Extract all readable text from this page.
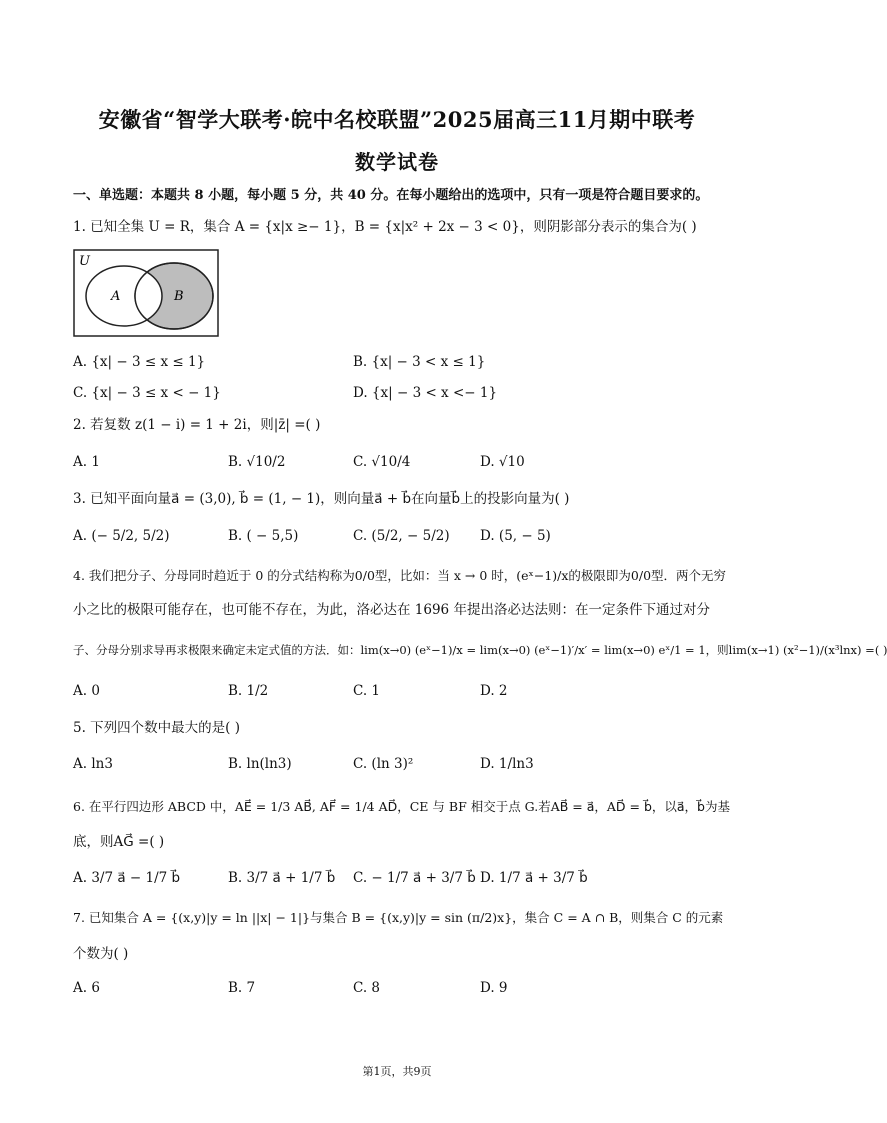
安徽省“智学大联考·皖中名校联盟”2025届高三11月期中联考
数学试卷
一、单选题：本题共 8 小题，每小题 5 分，共 40 分。在每小题给出的选项中，只有一项是符合题目要求的。
1. 已知全集 U = R，集合 A = {x|x ≥− 1}，B = {x|x² + 2x − 3 < 0}，则阴影部分表示的集合为( )
U
A	B
A. {x| − 3 ≤ x ≤ 1}	B. {x| − 3 < x ≤ 1}
C. {x| − 3 ≤ x < − 1}	D. {x| − 3 < x <− 1}
2. 若复数 z(1 − i) = 1 + 2i，则|z̄| =( )
A. 1	B. √10/2	C. √10/4	D. √10
3. 已知平面向量a⃗ = (3,0), b⃗ = (1, − 1)，则向量a⃗ + b⃗在向量b⃗上的投影向量为( )
A. (− 5/2, 5/2)	B. ( − 5,5)	C. (5/2, − 5/2) D. (5, − 5)
4. 我们把分子、分母同时趋近于 0 的分式结构称为0/0型，比如：当 x → 0 时，(eˣ−1)/x的极限即为0/0型．两个无穷
小之比的极限可能存在，也可能不存在，为此，洛必达在 1696 年提出洛必达法则：在一定条件下通过对分
子、分母分别求导再求极限来确定未定式值的方法．如：lim(x→0) (eˣ−1)/x = lim(x→0) (eˣ−1)′/x′ = lim(x→0) eˣ/1 = 1，则lim(x→1) (x²−1)/(x³lnx) =( )
A. 0	B. 1/2	C. 1	D. 2
5. 下列四个数中最大的是( )
A. ln3	B. ln(ln3)	C. (ln 3)²	D. 1/ln3
6. 在平行四边形 ABCD 中，AE⃗ = 1/3 AB⃗, AF⃗ = 1/4 AD⃗，CE 与 BF 相交于点 G.若AB⃗ = a⃗，AD⃗ = b⃗，以a⃗，b⃗为基
底，则AG⃗ =( )
A. 3/7 a⃗ − 1/7 b⃗	B. 3/7 a⃗ + 1/7 b⃗ C. − 1/7 a⃗ + 3/7 b⃗ D. 1/7 a⃗ + 3/7 b⃗
7. 已知集合 A = {(x,y)|y = ln ||x| − 1|}与集合 B = {(x,y)|y = sin (π/2)x}，集合 C = A ∩ B，则集合 C 的元素
个数为( )
A. 6	B. 7	C. 8	D. 9
第1页，共9页
